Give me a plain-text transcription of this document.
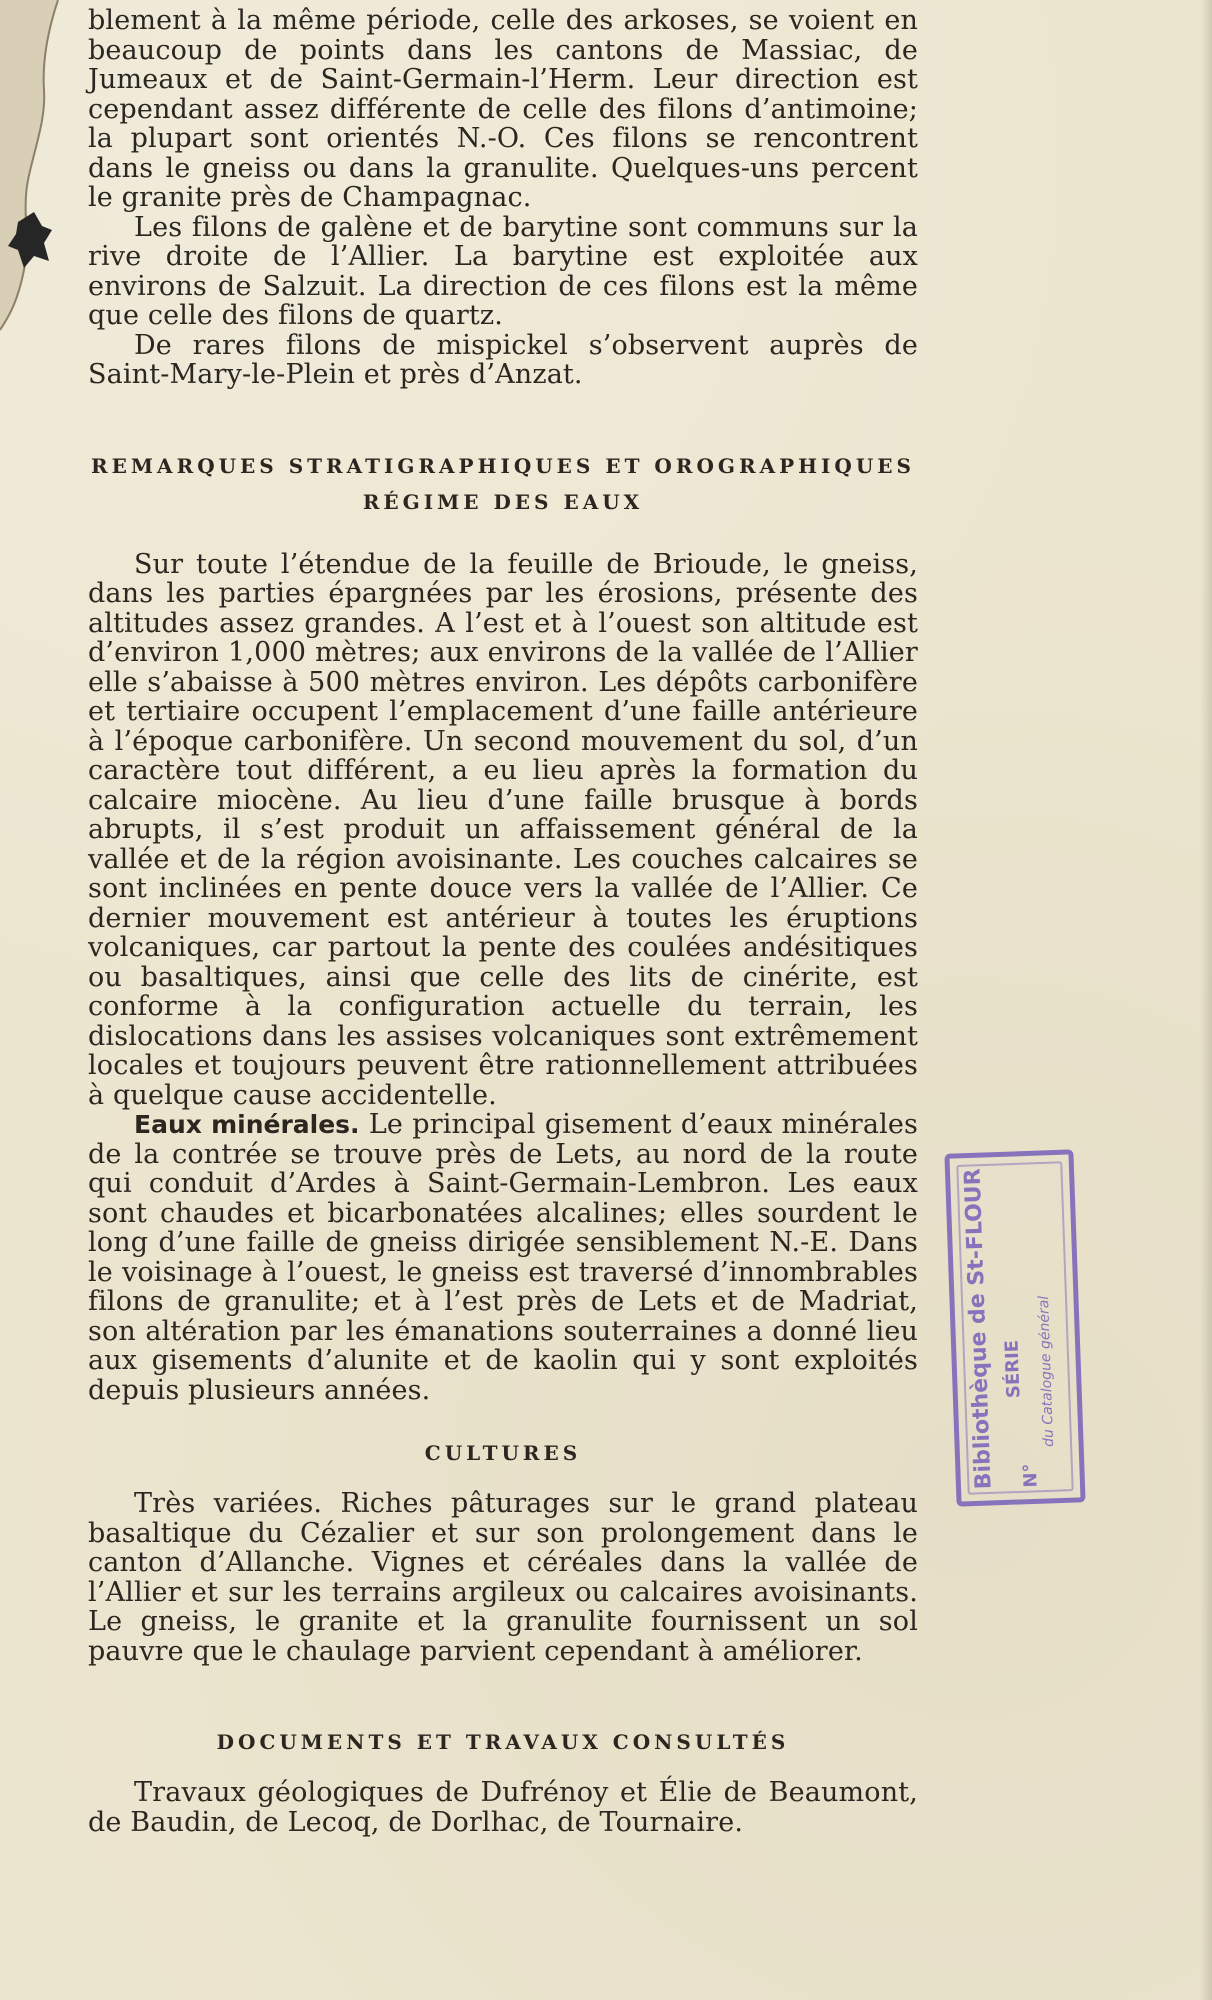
blement à la même période, celle des arkoses, se voient en beaucoup de points dans les cantons de Massiac, de Jumeaux et de Saint-Germain-l’Herm. Leur direction est cependant assez différente de celle des filons d’antimoine; la plupart sont orientés N.-O. Ces filons se rencontrent dans le gneiss ou dans la granulite. Quelques-uns percent le granite près de Champagnac.

Les filons de galène et de barytine sont communs sur la rive droite de l’Allier. La barytine est exploitée aux environs de Salzuit. La direction de ces filons est la même que celle des filons de quartz.

De rares filons de mispickel s’observent auprès de Saint-Mary-le-Plein et près d’Anzat.

REMARQUES STRATIGRAPHIQUES ET OROGRAPHIQUES
RÉGIME DES EAUX

Sur toute l’étendue de la feuille de Brioude, le gneiss, dans les parties épargnées par les érosions, présente des altitudes assez grandes. A l’est et à l’ouest son altitude est d’environ 1,000 mètres; aux environs de la vallée de l’Allier elle s’abaisse à 500 mètres environ. Les dépôts carbonifère et tertiaire occupent l’emplacement d’une faille antérieure à l’époque carbonifère. Un second mouvement du sol, d’un caractère tout différent, a eu lieu après la formation du calcaire miocène. Au lieu d’une faille brusque à bords abrupts, il s’est produit un affaissement général de la vallée et de la région avoisinante. Les couches calcaires se sont inclinées en pente douce vers la vallée de l’Allier. Ce dernier mouvement est antérieur à toutes les éruptions volcaniques, car partout la pente des coulées andésitiques ou basaltiques, ainsi que celle des lits de cinérite, est conforme à la configuration actuelle du terrain, les dislocations dans les assises volcaniques sont extrêmement locales et toujours peuvent être rationnellement attribuées à quelque cause accidentelle.

Eaux minérales. Le principal gisement d’eaux minérales de la contrée se trouve près de Lets, au nord de la route qui conduit d’Ardes à Saint-Germain-Lembron. Les eaux sont chaudes et bicarbonatées alcalines; elles sourdent le long d’une faille de gneiss dirigée sensiblement N.-E. Dans le voisinage à l’ouest, le gneiss est traversé d’innombrables filons de granulite; et à l’est près de Lets et de Madriat, son altération par les émanations souterraines a donné lieu aux gisements d’alunite et de kaolin qui y sont exploités depuis plusieurs années.

CULTURES

Très variées. Riches pâturages sur le grand plateau basaltique du Cézalier et sur son prolongement dans le canton d’Allanche. Vignes et céréales dans la vallée de l’Allier et sur les terrains argileux ou calcaires avoisinants. Le gneiss, le granite et la granulite fournissent un sol pauvre que le chaulage parvient cependant à améliorer.

DOCUMENTS ET TRAVAUX CONSULTÉS

Travaux géologiques de Dufrénoy et Élie de Beaumont, de Baudin, de Lecoq, de Dorlhac, de Tournaire.

Bibliothèque de St-FLOUR SÉRIE
N°
du Catalogue général
